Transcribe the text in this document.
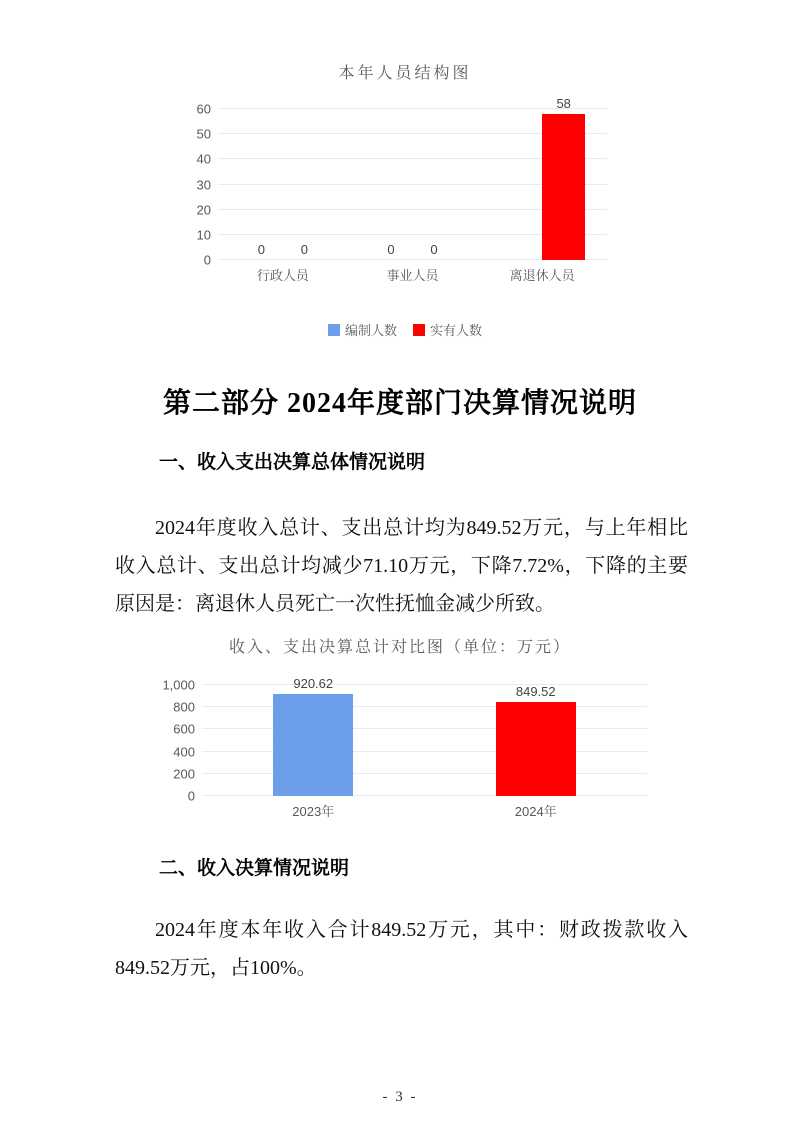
本年人员结构图
0
10
20
30
40
50
60
0	0	0	0
58
行政人员	事业人员	离退休人员
编制人数	实有人数
第二部分 2024年度部门决算情况说明
一、收入支出决算总体情况说明

2024年度收入总计、支出总计均为849.52万元，与上年相比收入总计、支出总计均减少71.10万元，下降7.72%，下降的主要原因是：离退休人员死亡一次性抚恤金减少所致。

收入、支出决算总计对比图（单位：万元）
0
200
400
600
800
1,000	920.62
849.52
2023年	2024年
二、收入决算情况说明

2024年度本年收入合计849.52万元，其中：财政拨款收入849.52万元，占100%。

- 3 -
